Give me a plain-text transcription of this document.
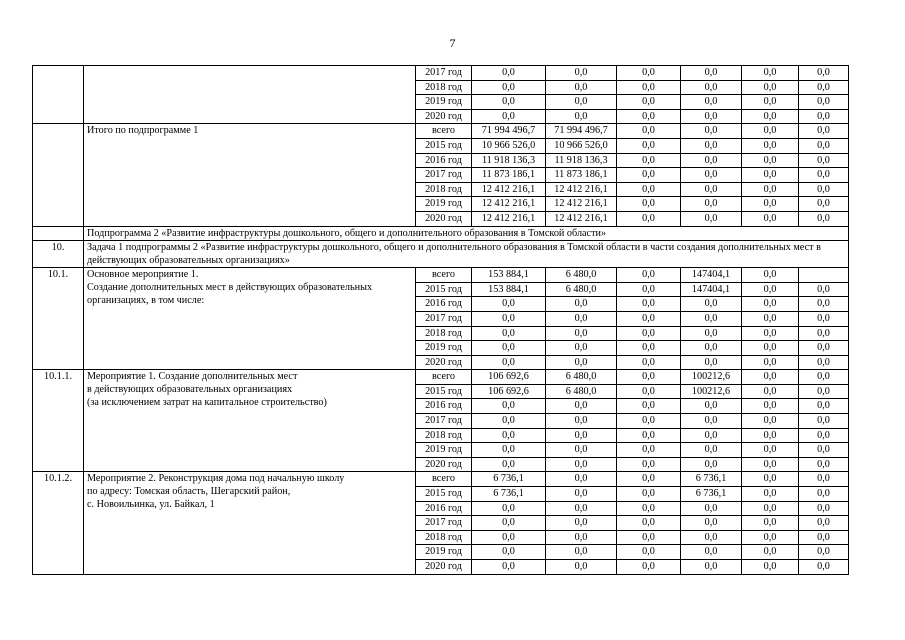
7
		2017 год	0,0	0,0	0,0	0,0	0,0	0,0
		2018 год	0,0	0,0	0,0	0,0	0,0	0,0
		2019 год	0,0	0,0	0,0	0,0	0,0	0,0
		2020 год	0,0	0,0	0,0	0,0	0,0	0,0
	Итого по подпрограмме 1	всего	71 994 496,7	71 994 496,7	0,0	0,0	0,0	0,0
		2015 год	10 966 526,0	10 966 526,0	0,0	0,0	0,0	0,0
		2016 год	11 918 136,3	11 918 136,3	0,0	0,0	0,0	0,0
		2017 год	11 873 186,1	11 873 186,1	0,0	0,0	0,0	0,0
		2018 год	12 412 216,1	12 412 216,1	0,0	0,0	0,0	0,0
		2019 год	12 412 216,1	12 412 216,1	0,0	0,0	0,0	0,0
		2020 год	12 412 216,1	12 412 216,1	0,0	0,0	0,0	0,0
	Подпрограмма 2 «Развитие инфраструктуры дошкольного, общего и дополнительного образования в Томской области»							
10.	Задача 1 подпрограммы 2 «Развитие инфраструктуры дошкольного, общего и дополнительного образования в Томской области в части создания дополнительных мест в действующих образовательных организациях»							
10.1.	Основное мероприятие 1.
Создание дополнительных мест в действующих образовательных организациях, в том числе:	всего	153 884,1	6 480,0	0,0	147404,1	0,0	
		2015 год	153 884,1	6 480,0	0,0	147404,1	0,0	0,0
		2016 год	0,0	0,0	0,0	0,0	0,0	0,0
		2017 год	0,0	0,0	0,0	0,0	0,0	0,0
		2018 год	0,0	0,0	0,0	0,0	0,0	0,0
		2019 год	0,0	0,0	0,0	0,0	0,0	0,0
		2020 год	0,0	0,0	0,0	0,0	0,0	0,0
10.1.1.	Мероприятие 1. Создание дополнительных мест
в действующих образовательных организациях
(за исключением затрат на капитальное строительство)	всего	106 692,6	6 480,0	0,0	100212,6	0,0	0,0
		2015 год	106 692,6	6 480,0	0,0	100212,6	0,0	0,0
		2016 год	0,0	0,0	0,0	0,0	0,0	0,0
		2017 год	0,0	0,0	0,0	0,0	0,0	0,0
		2018 год	0,0	0,0	0,0	0,0	0,0	0,0
		2019 год	0,0	0,0	0,0	0,0	0,0	0,0
		2020 год	0,0	0,0	0,0	0,0	0,0	0,0
10.1.2.	Мероприятие 2. Реконструкция дома под начальную школу
по адресу: Томская область, Шегарский район,
с. Новоильинка, ул. Байкал, 1	всего	6 736,1	0,0	0,0	6 736,1	0,0	0,0
		2015 год	6 736,1	0,0	0,0	6 736,1	0,0	0,0
		2016 год	0,0	0,0	0,0	0,0	0,0	0,0
		2017 год	0,0	0,0	0,0	0,0	0,0	0,0
		2018 год	0,0	0,0	0,0	0,0	0,0	0,0
		2019 год	0,0	0,0	0,0	0,0	0,0	0,0
		2020 год	0,0	0,0	0,0	0,0	0,0	0,0
